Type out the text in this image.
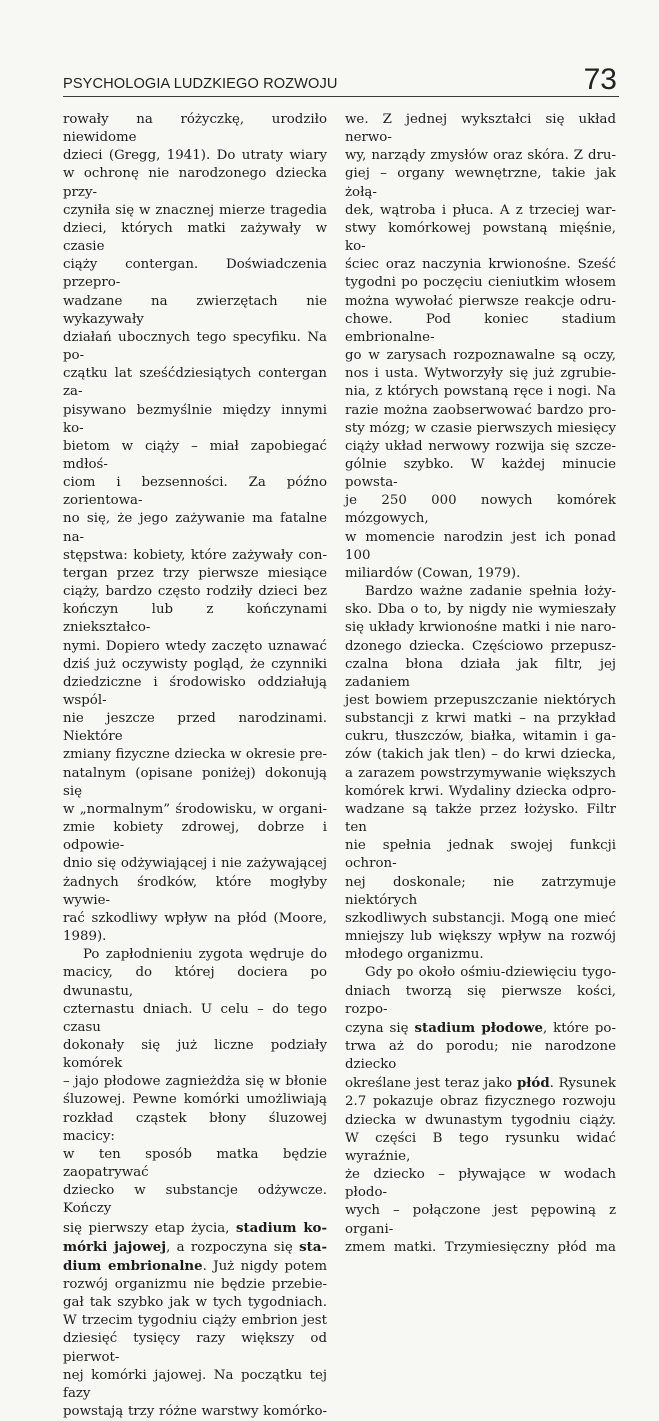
PSYCHOLOGIA LUDZKIEGO ROZWOJU	73

rowały na różyczkę, urodziło niewidome

dzieci (Gregg, 1941). Do utraty wiary

w ochronę nie narodzonego dziecka przy-

czyniła się w znacznej mierze tragedia

dzieci, których matki zażywały w czasie

ciąży contergan. Doświadczenia przepro-

wadzane na zwierzętach nie wykazywały

działań ubocznych tego specyfiku. Na po-

czątku lat sześćdziesiątych contergan za-

pisywano bezmyślnie między innymi ko-

bietom w ciąży – miał zapobiegać mdłoś-

ciom i bezsenności. Za późno zorientowa-

no się, że jego zażywanie ma fatalne na-

stępstwa: kobiety, które zażywały con-

tergan przez trzy pierwsze miesiące

ciąży, bardzo często rodziły dzieci bez

kończyn lub z kończynami zniekształco-

nymi. Dopiero wtedy zaczęto uznawać

dziś już oczywisty pogląd, że czynniki

dziedziczne i środowisko oddziałują wspól-

nie jeszcze przed narodzinami. Niektóre

zmiany fizyczne dziecka w okresie pre-

natalnym (opisane poniżej) dokonują się

w „normalnym” środowisku, w organi-

zmie kobiety zdrowej, dobrze i odpowie-

dnio się odżywiającej i nie zażywającej

żadnych środków, które mogłyby wywie-

rać szkodliwy wpływ na płód (Moore,

1989).

Po zapłodnieniu zygota wędruje do

macicy, do której dociera po dwunastu,

czternastu dniach. U celu – do tego czasu

dokonały się już liczne podziały komórek

– jajo płodowe zagnieżdża się w błonie

śluzowej. Pewne komórki umożliwiają

rozkład cząstek błony śluzowej macicy:

w ten sposób matka będzie zaopatrywać

dziecko w substancje odżywcze. Kończy

się pierwszy etap życia, stadium ko-

mórki jajowej, a rozpoczyna się sta-

dium embrionalne. Już nigdy potem

rozwój organizmu nie będzie przebie-

gał tak szybko jak w tych tygodniach.

W trzecim tygodniu ciąży embrion jest

dziesięć tysięcy razy większy od pierwot-

nej komórki jajowej. Na początku tej fazy

powstają trzy różne warstwy komórko-

we. Z jednej wykształci się układ nerwo-

wy, narządy zmysłów oraz skóra. Z dru-

giej – organy wewnętrzne, takie jak żołą-

dek, wątroba i płuca. A z trzeciej war-

stwy komórkowej powstaną mięśnie, ko-

ściec oraz naczynia krwionośne. Sześć

tygodni po poczęciu cieniutkim włosem

można wywołać pierwsze reakcje odru-

chowe. Pod koniec stadium embrionalne-

go w zarysach rozpoznawalne są oczy,

nos i usta. Wytworzyły się już zgrubie-

nia, z których powstaną ręce i nogi. Na

razie można zaobserwować bardzo pro-

sty mózg; w czasie pierwszych miesięcy

ciąży układ nerwowy rozwija się szcze-

gólnie szybko. W każdej minucie powsta-

je 250 000 nowych komórek mózgowych,

w momencie narodzin jest ich ponad 100

miliardów (Cowan, 1979).

Bardzo ważne zadanie spełnia łoży-

sko. Dba o to, by nigdy nie wymieszały

się układy krwionośne matki i nie naro-

dzonego dziecka. Częściowo przepusz-

czalna błona działa jak filtr, jej zadaniem

jest bowiem przepuszczanie niektórych

substancji z krwi matki – na przykład

cukru, tłuszczów, białka, witamin i ga-

zów (takich jak tlen) – do krwi dziecka,

a zarazem powstrzymywanie większych

komórek krwi. Wydaliny dziecka odpro-

wadzane są także przez łożysko. Filtr ten

nie spełnia jednak swojej funkcji ochron-

nej doskonale; nie zatrzymuje niektórych

szkodliwych substancji. Mogą one mieć

mniejszy lub większy wpływ na rozwój

młodego organizmu.

Gdy po około ośmiu-dziewięciu tygo-

dniach tworzą się pierwsze kości, rozpo-

czyna się stadium płodowe, które po-

trwa aż do porodu; nie narodzone dziecko

określane jest teraz jako płód. Rysunek

2.7 pokazuje obraz fizycznego rozwoju

dziecka w dwunastym tygodniu ciąży.

W części B tego rysunku widać wyraźnie,

że dziecko – pływające w wodach płodo-

wych – połączone jest pępowiną z organi-

zmem matki. Trzymiesięczny płód ma
